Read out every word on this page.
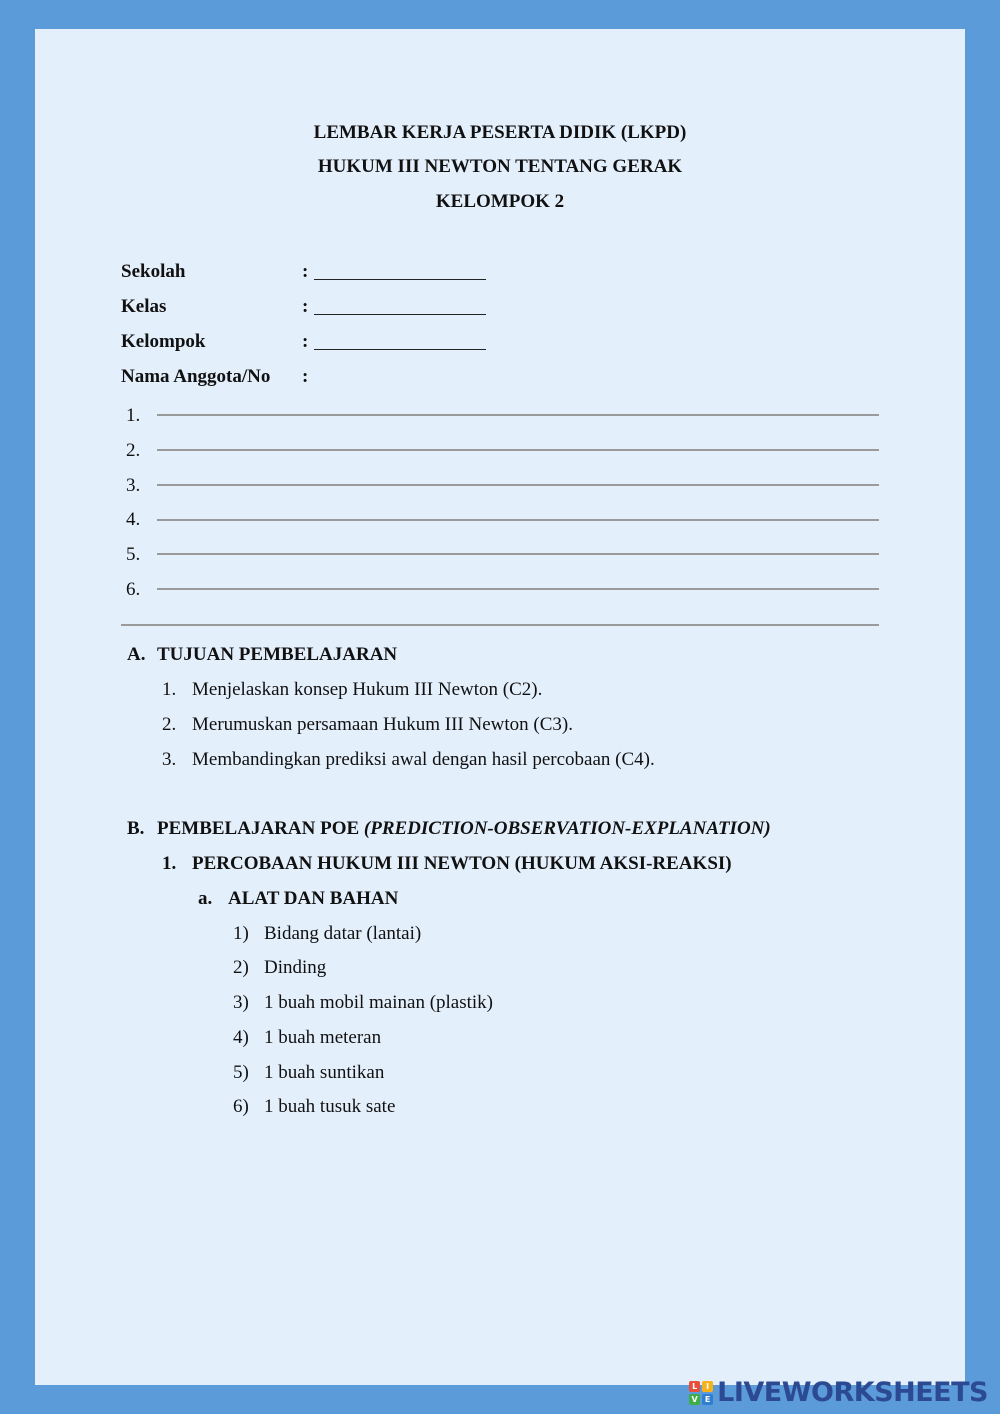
LEMBAR KERJA PESERTA DIDIK (LKPD)
HUKUM III NEWTON TENTANG GERAK
KELOMPOK 2
Sekolah	:
Kelas	:
Kelompok	:
Nama Anggota/No :
1.
2.
3.
4.
5.
6.
A. TUJUAN PEMBELAJARAN
1. Menjelaskan konsep Hukum III Newton (C2).
2. Merumuskan persamaan Hukum III Newton (C3).
3. Membandingkan prediksi awal dengan hasil percobaan (C4).
B. PEMBELAJARAN POE (PREDICTION-OBSERVATION-EXPLANATION)
1. PERCOBAAN HUKUM III NEWTON (HUKUM AKSI-REAKSI)
a. ALAT DAN BAHAN
1) Bidang datar (lantai)
2) Dinding
3) 1 buah mobil mainan (plastik)
4) 1 buah meteran
5) 1 buah suntikan
6) 1 buah tusuk sate
L	I
V E LIVEWORKSHEETS
